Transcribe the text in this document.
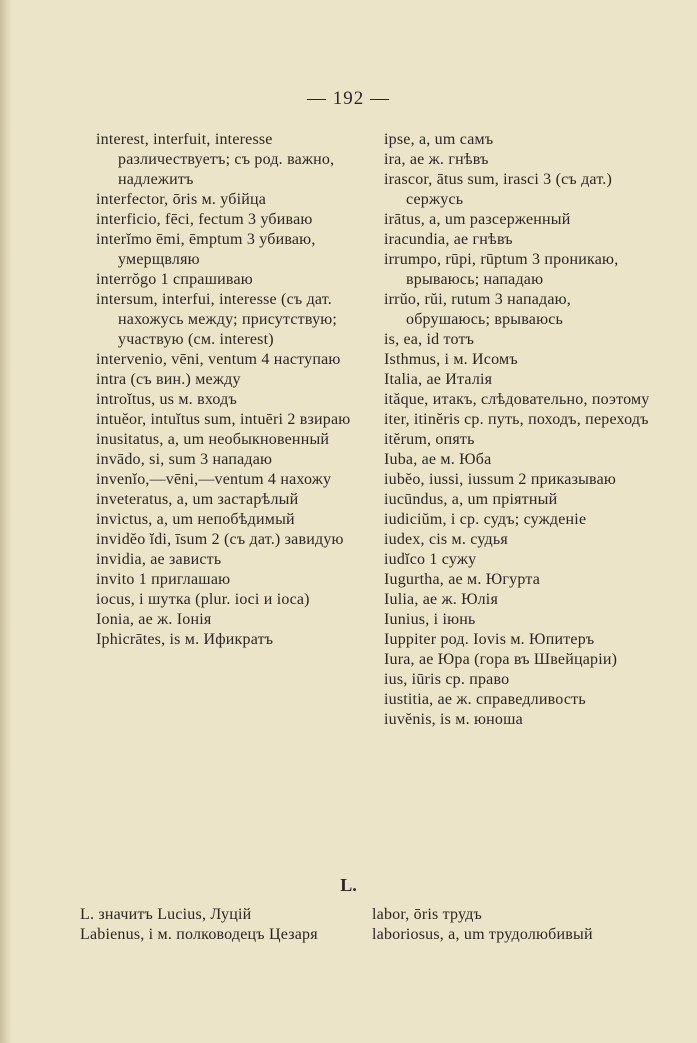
— 192 —

interest, interfuit, interesse различествуетъ; съ род. важно, надлежитъ

interfector, ōris м. убійца

interficio, fēci, fectum 3 убиваю

interĭmo ēmi, ēmptum 3 убиваю, умерщвляю

interrŏgo 1 спрашиваю

intersum, interfui, interesse (съ дат. нахожусь между; присутствую; участвую (см. interest)

intervenio, vēni, ventum 4 наступаю

intra (съ вин.) между

introĭtus, us м. входъ

intuĕor, intuĭtus sum, intuēri 2 взираю

inusitatus, a, um необыкновенный

invādo, si, sum 3 нападаю

invenĭo,—vēni,—ventum 4 нахожу

inveteratus, a, um застарѣлый

invictus, a, um непобѣдимый

invidĕo ĭdi, īsum 2 (съ дат.) завидую

invidia, ae зависть

invito 1 приглашаю

iocus, i шутка (plur. ioci и ioca)

Ionia, ae ж. Іонія

Iphicrātes, is м. Ификратъ

ipse, a, um самъ

ira, ae ж. гнѣвъ

irascor, ātus sum, irasci 3 (съ дат.) сержусь

irātus, a, um разсерженный

iracundia, ae гнѣвъ

irrumpo, rūpi, rūptum 3 проникаю, врываюсь; нападаю

irrŭo, rŭi, rutum 3 нападаю, обрушаюсь; врываюсь

is, ea, id тотъ

Isthmus, i м. Исомъ

Italia, ae Италія

ităque, итакъ, слѣдовательно, поэтому

iter, itinĕris ср. путь, походъ, переходъ

itĕrum, опять

Iuba, ae м. Юба

iubĕo, iussi, iussum 2 приказываю

iucūndus, a, um пріятный

iudiciŭm, i ср. судъ; сужденіе

iudex, cis м. судья

iudĭco 1 сужу

Iugurtha, ae м. Югурта

Iulia, ae ж. Юлія

Iunius, i іюнь

Iuppiter род. Iovis м. Юпитеръ

Iura, ae Юра (гора въ Швейцаріи)

ius, iūris ср. право

iustitia, ae ж. справедливость

iuvĕnis, is м. юноша

L.

L. значитъ Lucius, Луцій

Labienus, i м. полководецъ Цезаря

labor, ōris трудъ

laboriosus, a, um трудолюбивый
